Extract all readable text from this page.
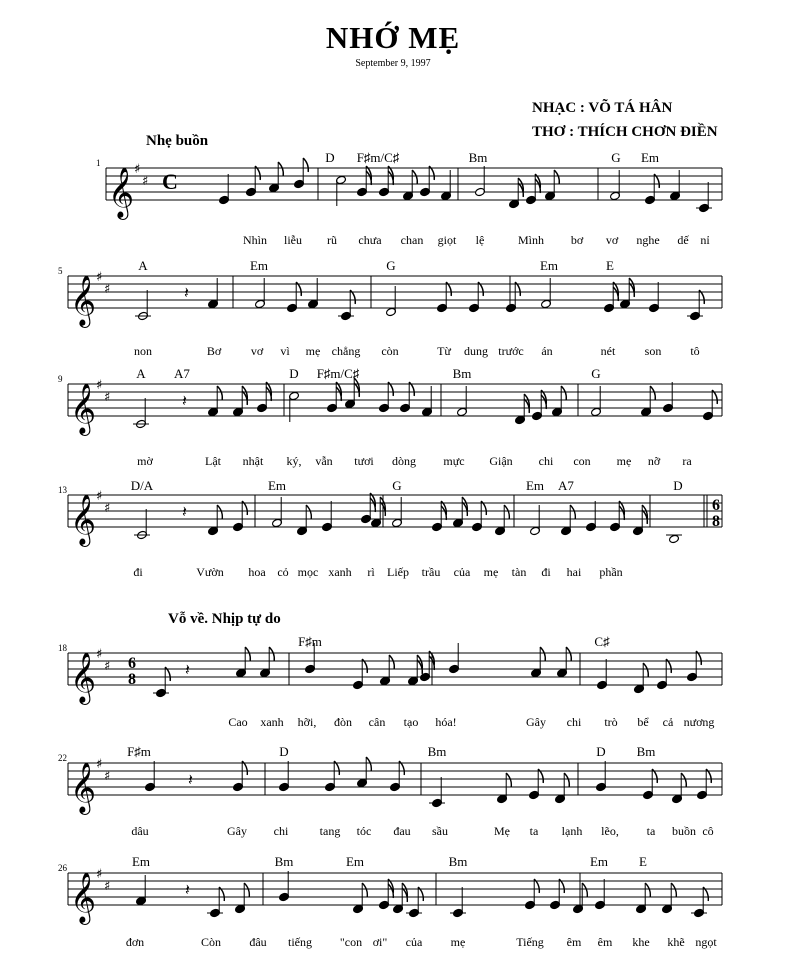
NHỚ MẸ
September 9, 1997
NHẠC : VÕ TÁ HÂN
THƠ : THÍCH CHƠN ĐIỀN
Nhẹ buồn
Vỗ về. Nhịp tự do
𝄞 ♯
♯ C
1	D F♯m/C♯	Bm	G Em
Nhìn liễu rũ chưa chan giọt lệ	Mình bơ vơ nghe dế nỉ
𝄞 ♯
♯
5	A	Em	G	Em	E
non	Bơ vơ vì mẹ chẳng còn	Từ dung trước án	nét son tô
𝄽
𝄞 ♯
♯
9	A A7	D F♯m/C♯	Bm	G
mờ	Lật nhật ký, vẫn tươi dòng mực Giận chi con mẹ nỡ ra
𝄽
𝄞 ♯
♯	6
8
13	D/A	Em	G	Em A7	D
đi	Vườn hoa cỏ mọc xanh rì Liếp trầu của mẹ tàn đi hai phần
𝄽
𝄞 ♯
♯ 6
8
18	F♯m	C♯
Cao xanh hỡi, đòn cân tạo hóa!	Gây chi trò bể cả nương
𝄽
𝄞 ♯
♯
22	F♯m	D	Bm	D Bm
dâu	Gây chi	tang tóc đau sầu	Mẹ ta lạnh lẽo, ta buồn cô
𝄽
𝄞 ♯
♯
26	Em	Bm	Em	Bm	Em E
đơn	Còn đâu tiếng "con ơi" của mẹ	Tiếng êm êm khe khẽ ngọt
𝄽
